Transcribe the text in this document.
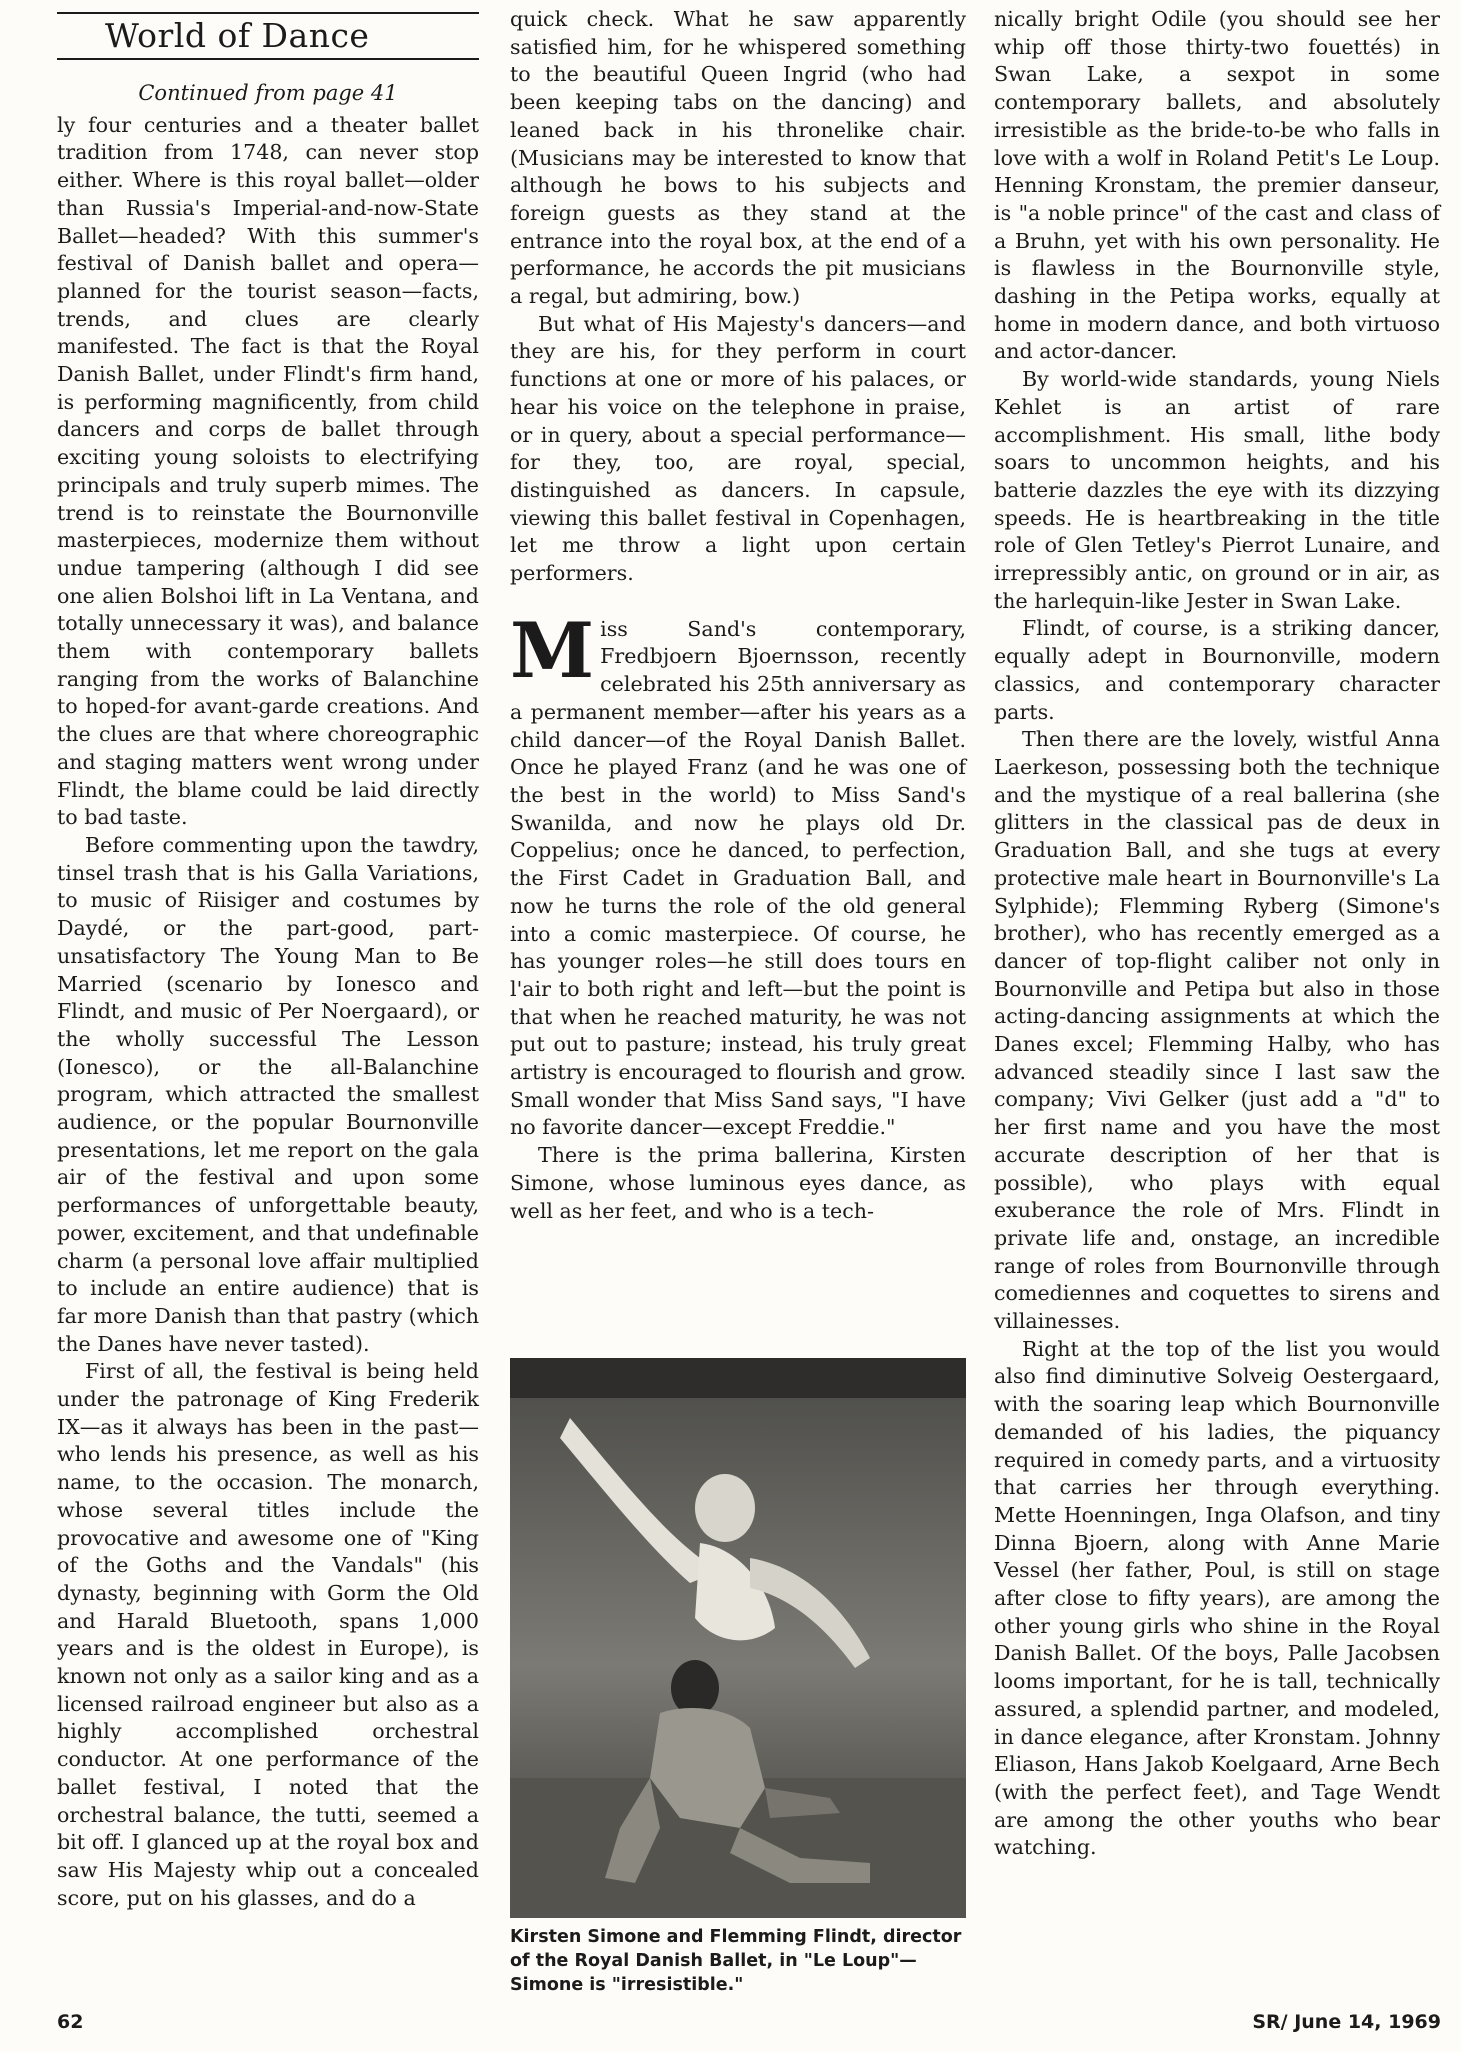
World of Dance
Continued from page 41

ly four centuries and a theater ballet tradition from 1748, can never stop either. Where is this royal ballet—older than Russia's Imperial-and-now-State Ballet—headed? With this summer's festival of Danish ballet and opera—planned for the tourist season—facts, trends, and clues are clearly manifested. The fact is that the Royal Danish Ballet, under Flindt's firm hand, is performing magnificently, from child dancers and corps de ballet through exciting young soloists to electrifying principals and truly superb mimes. The trend is to reinstate the Bournonville masterpieces, modernize them without undue tampering (although I did see one alien Bolshoi lift in La Ventana, and totally unnecessary it was), and balance them with contemporary ballets ranging from the works of Balanchine to hoped-for avant-garde creations. And the clues are that where choreographic and staging matters went wrong under Flindt, the blame could be laid directly to bad taste.

Before commenting upon the tawdry, tinsel trash that is his Galla Variations, to music of Riisiger and costumes by Daydé, or the part-good, part-unsatisfactory The Young Man to Be Married (scenario by Ionesco and Flindt, and music of Per Noergaard), or the wholly successful The Lesson (Ionesco), or the all-Balanchine program, which attracted the smallest audience, or the popular Bournonville presentations, let me report on the gala air of the festival and upon some performances of unforgettable beauty, power, excitement, and that undefinable charm (a personal love affair multiplied to include an entire audience) that is far more Danish than that pastry (which the Danes have never tasted).

First of all, the festival is being held under the patronage of King Frederik IX—as it always has been in the past—who lends his presence, as well as his name, to the occasion. The monarch, whose several titles include the provocative and awesome one of "King of the Goths and the Vandals" (his dynasty, beginning with Gorm the Old and Harald Bluetooth, spans 1,000 years and is the oldest in Europe), is known not only as a sailor king and as a licensed railroad engineer but also as a highly accomplished orchestral conductor. At one performance of the ballet festival, I noted that the orchestral balance, the tutti, seemed a bit off. I glanced up at the royal box and saw His Majesty whip out a concealed score, put on his glasses, and do a

quick check. What he saw apparently satisfied him, for he whispered something to the beautiful Queen Ingrid (who had been keeping tabs on the dancing) and leaned back in his thronelike chair. (Musicians may be interested to know that although he bows to his subjects and foreign guests as they stand at the entrance into the royal box, at the end of a performance, he accords the pit musicians a regal, but admiring, bow.)

But what of His Majesty's dancers—and they are his, for they perform in court functions at one or more of his palaces, or hear his voice on the telephone in praise, or in query, about a special performance—for they, too, are royal, special, distinguished as dancers. In capsule, viewing this ballet festival in Copenhagen, let me throw a light upon certain performers.

Miss Sand's contemporary, Fredbjoern Bjoernsson, recently celebrated his 25th anniversary as a permanent member—after his years as a child dancer—of the Royal Danish Ballet. Once he played Franz (and he was one of the best in the world) to Miss Sand's Swanilda, and now he plays old Dr. Coppelius; once he danced, to perfection, the First Cadet in Graduation Ball, and now he turns the role of the old general into a comic masterpiece. Of course, he has younger roles—he still does tours en l'air to both right and left—but the point is that when he reached maturity, he was not put out to pasture; instead, his truly great artistry is encouraged to flourish and grow. Small wonder that Miss Sand says, "I have no favorite dancer—except Freddie."

There is the prima ballerina, Kirsten Simone, whose luminous eyes dance, as well as her feet, and who is a tech-

Kirsten Simone and Flemming Flindt, director of the Royal Danish Ballet, in "Le Loup"—Simone is "irresistible."

nically bright Odile (you should see her whip off those thirty-two fouettés) in Swan Lake, a sexpot in some contemporary ballets, and absolutely irresistible as the bride-to-be who falls in love with a wolf in Roland Petit's Le Loup. Henning Kronstam, the premier danseur, is "a noble prince" of the cast and class of a Bruhn, yet with his own personality. He is flawless in the Bournonville style, dashing in the Petipa works, equally at home in modern dance, and both virtuoso and actor-dancer.

By world-wide standards, young Niels Kehlet is an artist of rare accomplishment. His small, lithe body soars to uncommon heights, and his batterie dazzles the eye with its dizzying speeds. He is heartbreaking in the title role of Glen Tetley's Pierrot Lunaire, and irrepressibly antic, on ground or in air, as the harlequin-like Jester in Swan Lake.

Flindt, of course, is a striking dancer, equally adept in Bournonville, modern classics, and contemporary character parts.

Then there are the lovely, wistful Anna Laerkeson, possessing both the technique and the mystique of a real ballerina (she glitters in the classical pas de deux in Graduation Ball, and she tugs at every protective male heart in Bournonville's La Sylphide); Flemming Ryberg (Simone's brother), who has recently emerged as a dancer of top-flight caliber not only in Bournonville and Petipa but also in those acting-dancing assignments at which the Danes excel; Flemming Halby, who has advanced steadily since I last saw the company; Vivi Gelker (just add a "d" to her first name and you have the most accurate description of her that is possible), who plays with equal exuberance the role of Mrs. Flindt in private life and, onstage, an incredible range of roles from Bournonville through comediennes and coquettes to sirens and villainesses.

Right at the top of the list you would also find diminutive Solveig Oestergaard, with the soaring leap which Bournonville demanded of his ladies, the piquancy required in comedy parts, and a virtuosity that carries her through everything. Mette Hoenningen, Inga Olafson, and tiny Dinna Bjoern, along with Anne Marie Vessel (her father, Poul, is still on stage after close to fifty years), are among the other young girls who shine in the Royal Danish Ballet. Of the boys, Palle Jacobsen looms important, for he is tall, technically assured, a splendid partner, and modeled, in dance elegance, after Kronstam. Johnny Eliason, Hans Jakob Koelgaard, Arne Bech (with the perfect feet), and Tage Wendt are among the other youths who bear watching.

62	SR/ June 14, 1969
